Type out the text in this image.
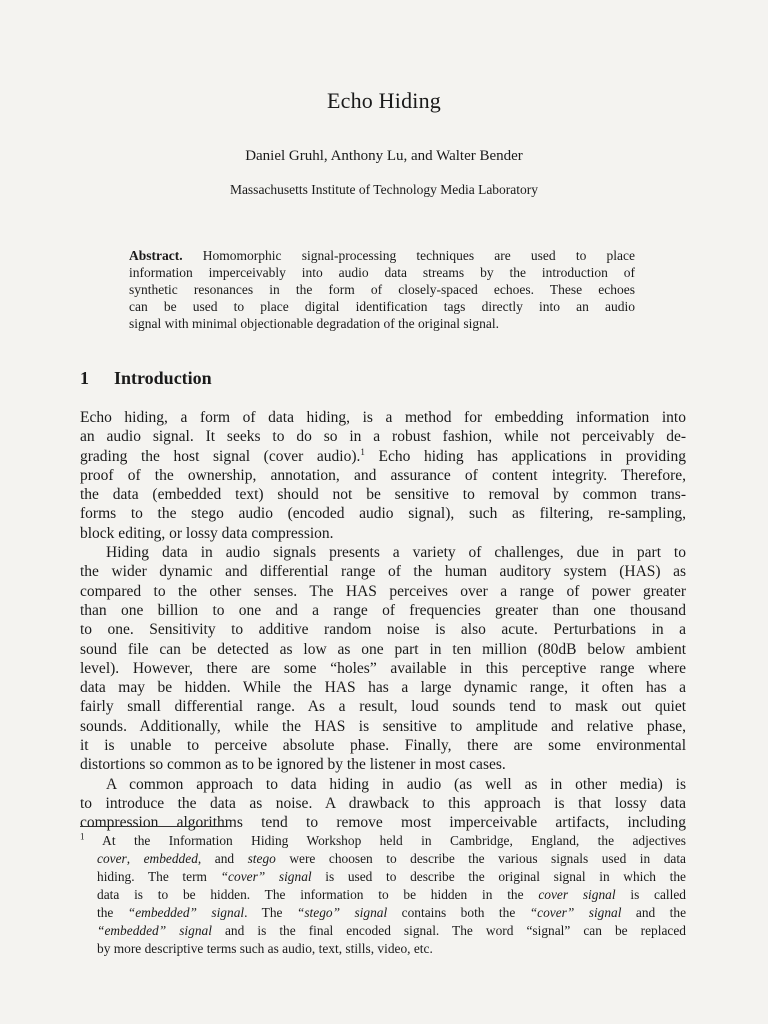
Echo Hiding
Daniel Gruhl, Anthony Lu, and Walter Bender
Massachusetts Institute of Technology Media Laboratory
Abstract. Homomorphic signal-processing techniques are used to place
information imperceivably into audio data streams by the introduction of
synthetic resonances in the form of closely-spaced echoes. These echoes
can be used to place digital identification tags directly into an audio
signal with minimal objectionable degradation of the original signal.
1 Introduction
Echo hiding, a form of data hiding, is a method for embedding information into
an audio signal. It seeks to do so in a robust fashion, while not perceivably de-
grading the host signal (cover audio).$^1$ Echo hiding has applications in providing
proof of the ownership, annotation, and assurance of content integrity. Therefore,
the data (embedded text) should not be sensitive to removal by common trans-
forms to the stego audio (encoded audio signal), such as filtering, re-sampling,
block editing, or lossy data compression.
Hiding data in audio signals presents a variety of challenges, due in part to
the wider dynamic and differential range of the human auditory system (HAS) as
compared to the other senses. The HAS perceives over a range of power greater
than one billion to one and a range of frequencies greater than one thousand
to one. Sensitivity to additive random noise is also acute. Perturbations in a
sound file can be detected as low as one part in ten million (80dB below ambient
level). However, there are some “holes” available in this perceptive range where
data may be hidden. While the HAS has a large dynamic range, it often has a
fairly small differential range. As a result, loud sounds tend to mask out quiet
sounds. Additionally, while the HAS is sensitive to amplitude and relative phase,
it is unable to perceive absolute phase. Finally, there are some environmental
distortions so common as to be ignored by the listener in most cases.
A common approach to data hiding in audio (as well as in other media) is
to introduce the data as noise. A drawback to this approach is that lossy data
compression algorithms tend to remove most imperceivable artifacts, including
$^1$ At the Information Hiding Workshop held in Cambridge, England, the adjectives
cover, embedded, and stego were choosen to describe the various signals used in data
hiding. The term “cover” signal is used to describe the original signal in which the
data is to be hidden. The information to be hidden in the cover signal is called
the “embedded” signal. The “stego” signal contains both the “cover” signal and the
“embedded” signal and is the final encoded signal. The word “signal” can be replaced
by more descriptive terms such as audio, text, stills, video, etc.
